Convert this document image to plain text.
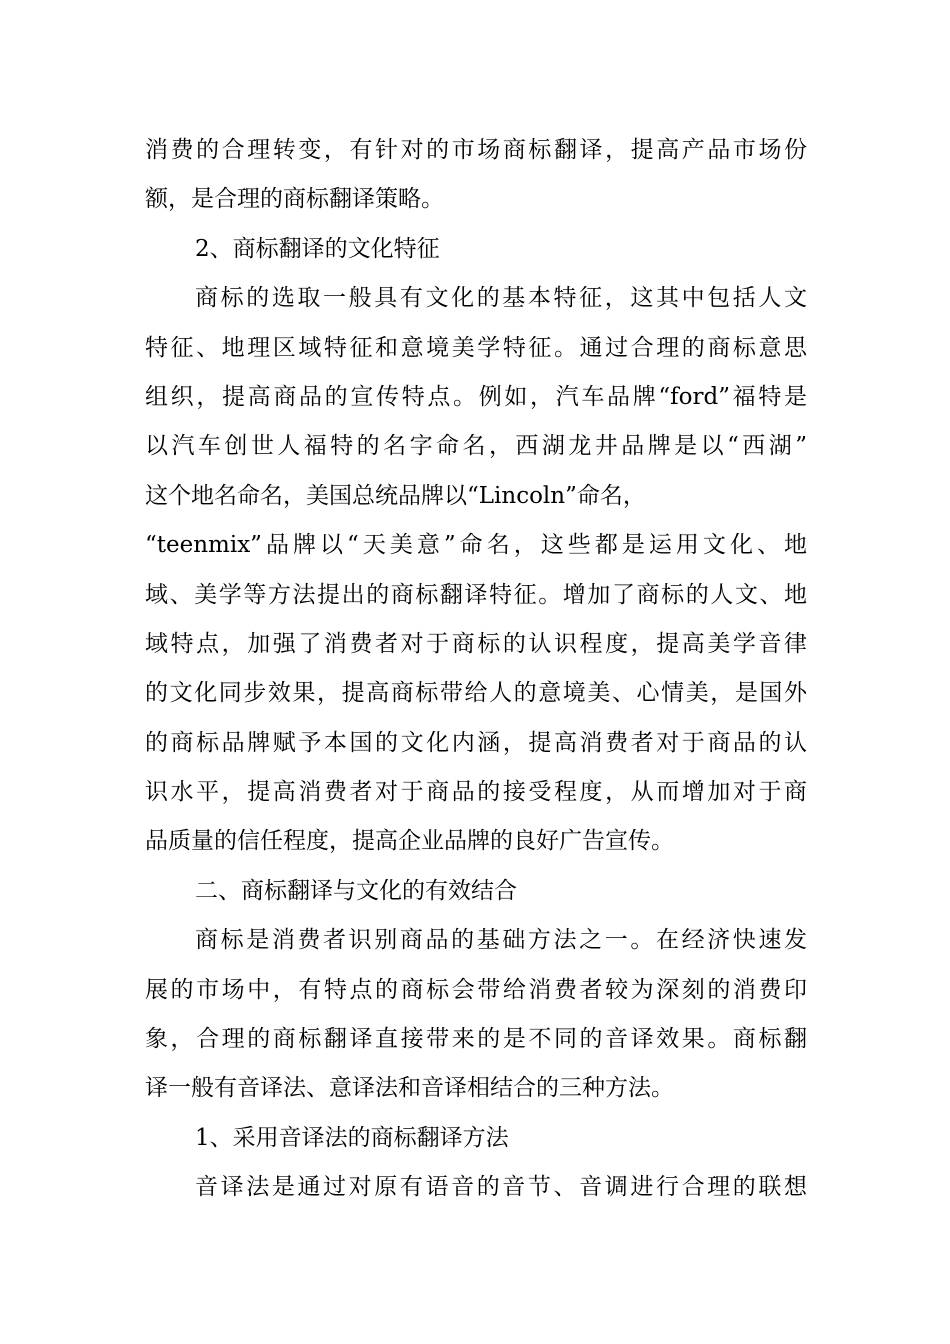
消费的合理转变，有针对的市场商标翻译，提高产品市场份
额，是合理的商标翻译策略。
2、商标翻译的文化特征
商标的选取一般具有文化的基本特征，这其中包括人文
特征、地理区域特征和意境美学特征。通过合理的商标意思
组织，提高商品的宣传特点。例如，汽车品牌“ford”福特是
以汽车创世人福特的名字命名，西湖龙井品牌是以“西湖”
这个地名命名，美国总统品牌以“Lincoln”命名，
“teenmix”品牌以“天美意”命名，这些都是运用文化、地
域、美学等方法提出的商标翻译特征。增加了商标的人文、地
域特点，加强了消费者对于商标的认识程度，提高美学音律
的文化同步效果，提高商标带给人的意境美、心情美，是国外
的商标品牌赋予本国的文化内涵，提高消费者对于商品的认
识水平，提高消费者对于商品的接受程度，从而增加对于商
品质量的信任程度，提高企业品牌的良好广告宣传。
二、商标翻译与文化的有效结合
商标是消费者识别商品的基础方法之一。在经济快速发
展的市场中，有特点的商标会带给消费者较为深刻的消费印
象，合理的商标翻译直接带来的是不同的音译效果。商标翻
译一般有音译法、意译法和音译相结合的三种方法。
1、采用音译法的商标翻译方法
音译法是通过对原有语音的音节、音调进行合理的联想
